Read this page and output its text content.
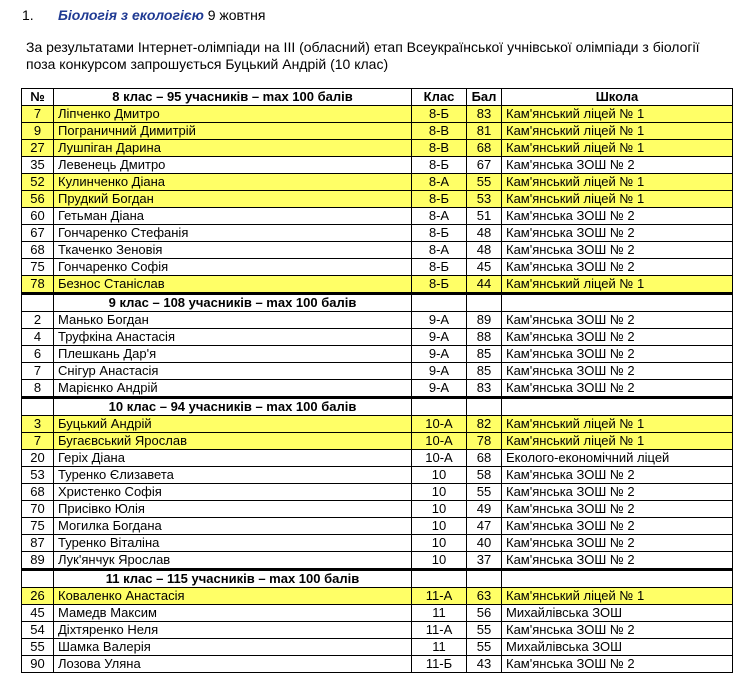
1. Біологія з екологією 9 жовтня
За результатами Інтернет-олімпіади на ІІІ (обласний) етап Всеукраїнської учнівської олімпіади з біології поза конкурсом запрошується Буцький Андрій (10 клас)
№	8 клас – 95 учасників – max 100 балів	Клас	Бал	Школа
7	Ліпченко Дмитро	8-Б	83	Кам'янський ліцей № 1
9	Пограничний Димитрій	8-В	81	Кам'янський ліцей № 1
27	Лушпіган Дарина	8-В	68	Кам'янський ліцей № 1
35	Левенець Дмитро	8-Б	67	Кам'янська ЗОШ № 2
52	Кулинченко Діана	8-А	55	Кам'янський ліцей № 1
56	Прудкий Богдан	8-Б	53	Кам'янський ліцей № 1
60	Гетьман Діана	8-А	51	Кам'янська ЗОШ № 2
67	Гончаренко Стефанія	8-Б	48	Кам'янська ЗОШ № 2
68	Ткаченко Зеновія	8-А	48	Кам'янська ЗОШ № 2
75	Гончаренко Софія	8-Б	45	Кам'янська ЗОШ № 2
78	Безнос Станіслав	8-Б	44	Кам'янський ліцей № 1
	9 клас – 108 учасників – max 100 балів			
2	Манько Богдан	9-А	89	Кам'янська ЗОШ № 2
4	Труфкіна Анастасія	9-А	88	Кам'янська ЗОШ № 2
6	Плешкань Дар'я	9-А	85	Кам'янська ЗОШ № 2
7	Снігур Анастасія	9-А	85	Кам'янська ЗОШ № 2
8	Марієнко Андрій	9-А	83	Кам'янська ЗОШ № 2
	10 клас – 94 учасників – max 100 балів			
3	Буцький Андрій	10-А	82	Кам'янський ліцей № 1
7	Бугаєвський Ярослав	10-А	78	Кам'янський ліцей № 1
20	Геріх Діана	10-А	68	Еколого-економічний ліцей
53	Туренко Єлизавета	10	58	Кам'янська ЗОШ № 2
68	Христенко Софія	10	55	Кам'янська ЗОШ № 2
70	Присівко Юлія	10	49	Кам'янська ЗОШ № 2
75	Могилка Богдана	10	47	Кам'янська ЗОШ № 2
87	Туренко Віталіна	10	40	Кам'янська ЗОШ № 2
89	Лук'янчук Ярослав	10	37	Кам'янська ЗОШ № 2
	11 клас – 115 учасників – max 100 балів			
26	Коваленко Анастасія	11-А	63	Кам'янський ліцей № 1
45	Мамедв Максим	11	56	Михайлівська ЗОШ
54	Діхтяренко Неля	11-А	55	Кам'янська ЗОШ № 2
55	Шамка Валерія	11	55	Михайлівська ЗОШ
90	Лозова Уляна	11-Б	43	Кам'янська ЗОШ № 2
